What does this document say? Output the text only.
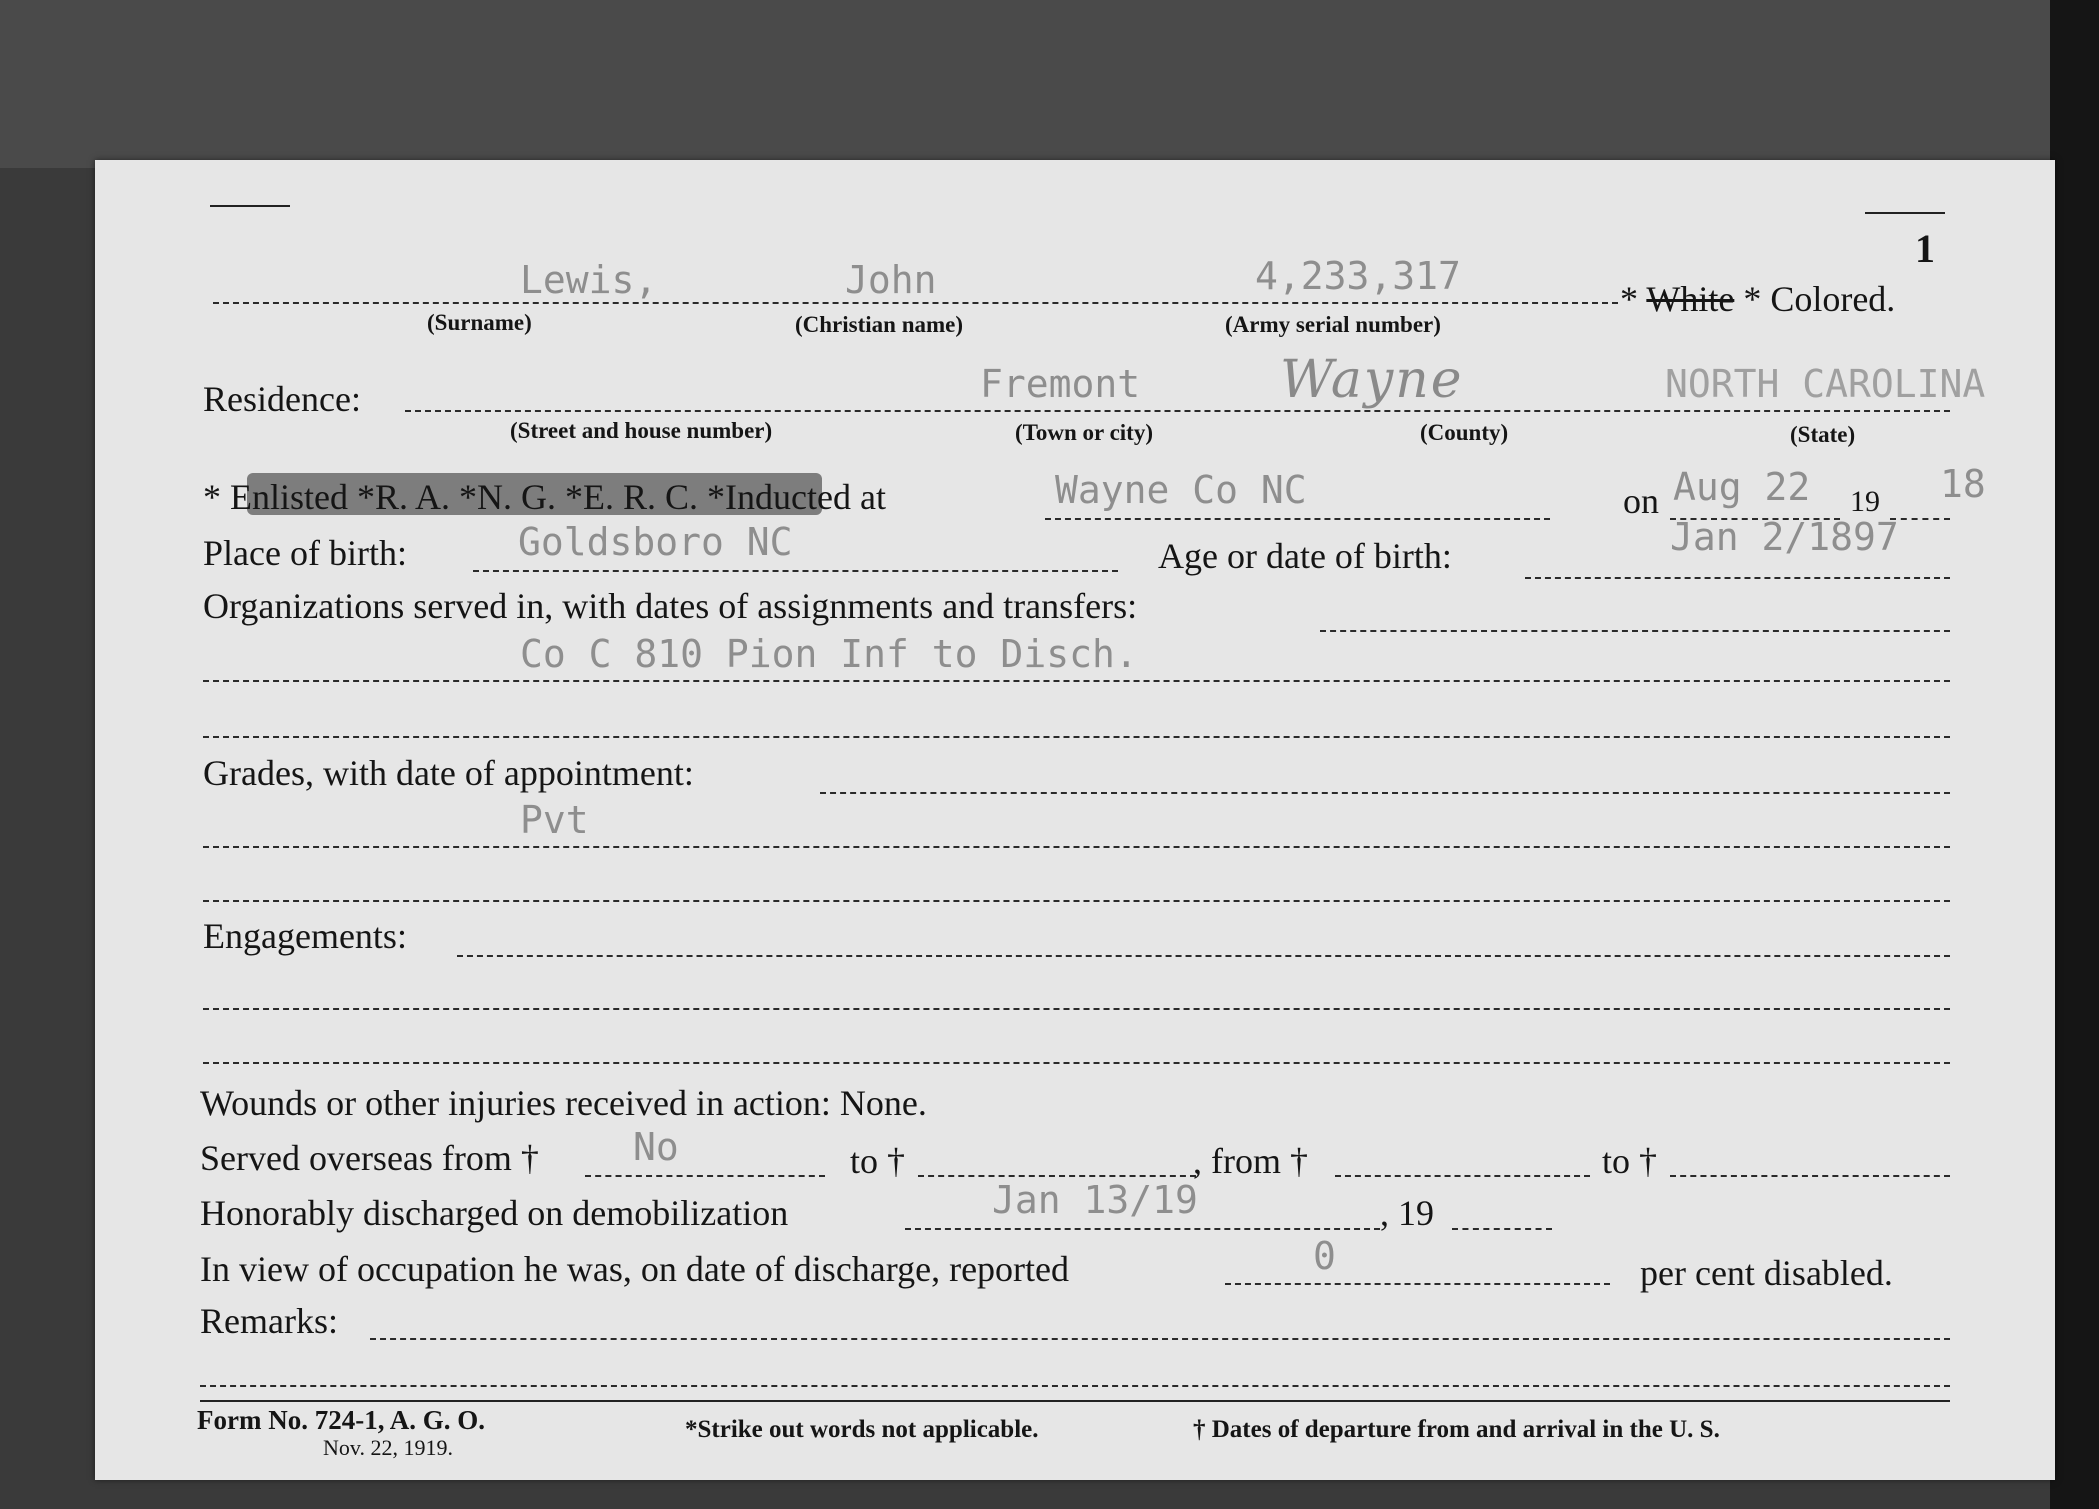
1
Lewis,	John	4,233,317
(Surname)	(Christian name)	(Army serial number)
* White * Colored.
Residence:	Fremont	Wayne	NORTH CAROLINA
(Street and house number)	(Town or city)	(County)	(State)
* Enlisted *R. A. *N. G. *E. R. C. *Inducted at	Wayne Co NC	on Aug 22 19 18
Place of birth:	Goldsboro NC	Age or date of birth:	Jan 2/1897
Organizations served in, with dates of assignments and transfers:
Co C 810 Pion Inf to Disch.
Grades, with date of appointment:
Pvt
Engagements:
Wounds or other injuries received in action: None.
Served overseas from † No	to †	, from †	to †
Honorably discharged on demobilization	Jan 13/19	, 19
In view of occupation he was, on date of discharge, reported	0	per cent disabled.
Remarks:
Form No. 724-1, A. G. O.
Nov. 22, 1919.
*Strike out words not applicable.	† Dates of departure from and arrival in the U. S.
